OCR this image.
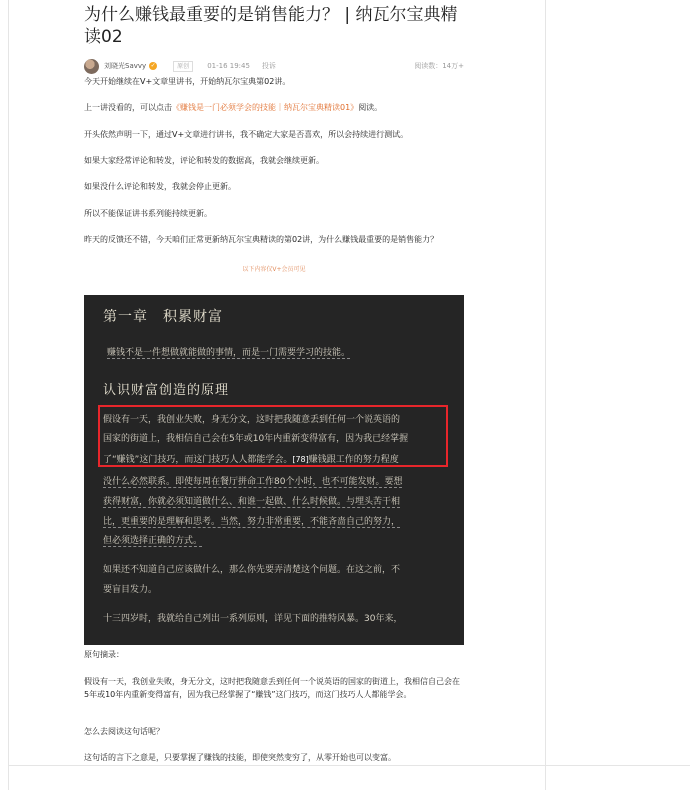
为什么赚钱最重要的是销售能力？ | 纳瓦尔宝典精读02
刘晓光Savvy ✓	原创	01-16 19:45 投诉	阅读数：14万+

今天开始继续在V+文章里讲书，开始纳瓦尔宝典第02讲。

上一讲没看的，可以点击《赚钱是一门必须学会的技能｜纳瓦尔宝典精读01》阅读。

开头依然声明一下，通过V+文章进行讲书，我不确定大家是否喜欢，所以会持续进行测试。

如果大家经常评论和转发，评论和转发的数据高，我就会继续更新。

如果没什么评论和转发，我就会停止更新。

所以不能保证讲书系列能持续更新。

昨天的反馈还不错，今天咱们正常更新纳瓦尔宝典精读的第02讲，为什么赚钱最重要的是销售能力？

以下内容仅V+会员可见
第一章　积累财富
赚钱不是一件想做就能做的事情，而是一门需要学习的技能。
认识财富创造的原理
假设有一天，我创业失败，身无分文，这时把我随意丢到任何一个说英语的
国家的街道上，我相信自己会在5年或10年内重新变得富有，因为我已经掌握
了“赚钱”这门技巧，而这门技巧人人都能学会。[78]赚钱跟工作的努力程度
没什么必然联系。即使每周在餐厅拼命工作80个小时，也不可能发财。要想
获得财富，你就必须知道做什么、和谁一起做、什么时候做。与埋头苦干相
比，更重要的是理解和思考。当然，努力非常重要，不能吝啬自己的努力，
但必须选择正确的方式。
如果还不知道自己应该做什么，那么你先要弄清楚这个问题。在这之前，不
要盲目发力。
十三四岁时，我就给自己列出一系列原则，详见下面的推特风暴。30年来，

原句摘录：

假设有一天，我创业失败，身无分文，这时把我随意丢到任何一个说英语的国家的街道上，我相信自己会在5年或10年内重新变得富有，因为我已经掌握了“赚钱”这门技巧，而这门技巧人人都能学会。

怎么去阅读这句话呢？

这句话的言下之意是，只要掌握了赚钱的技能，即使突然变穷了，从零开始也可以变富。
